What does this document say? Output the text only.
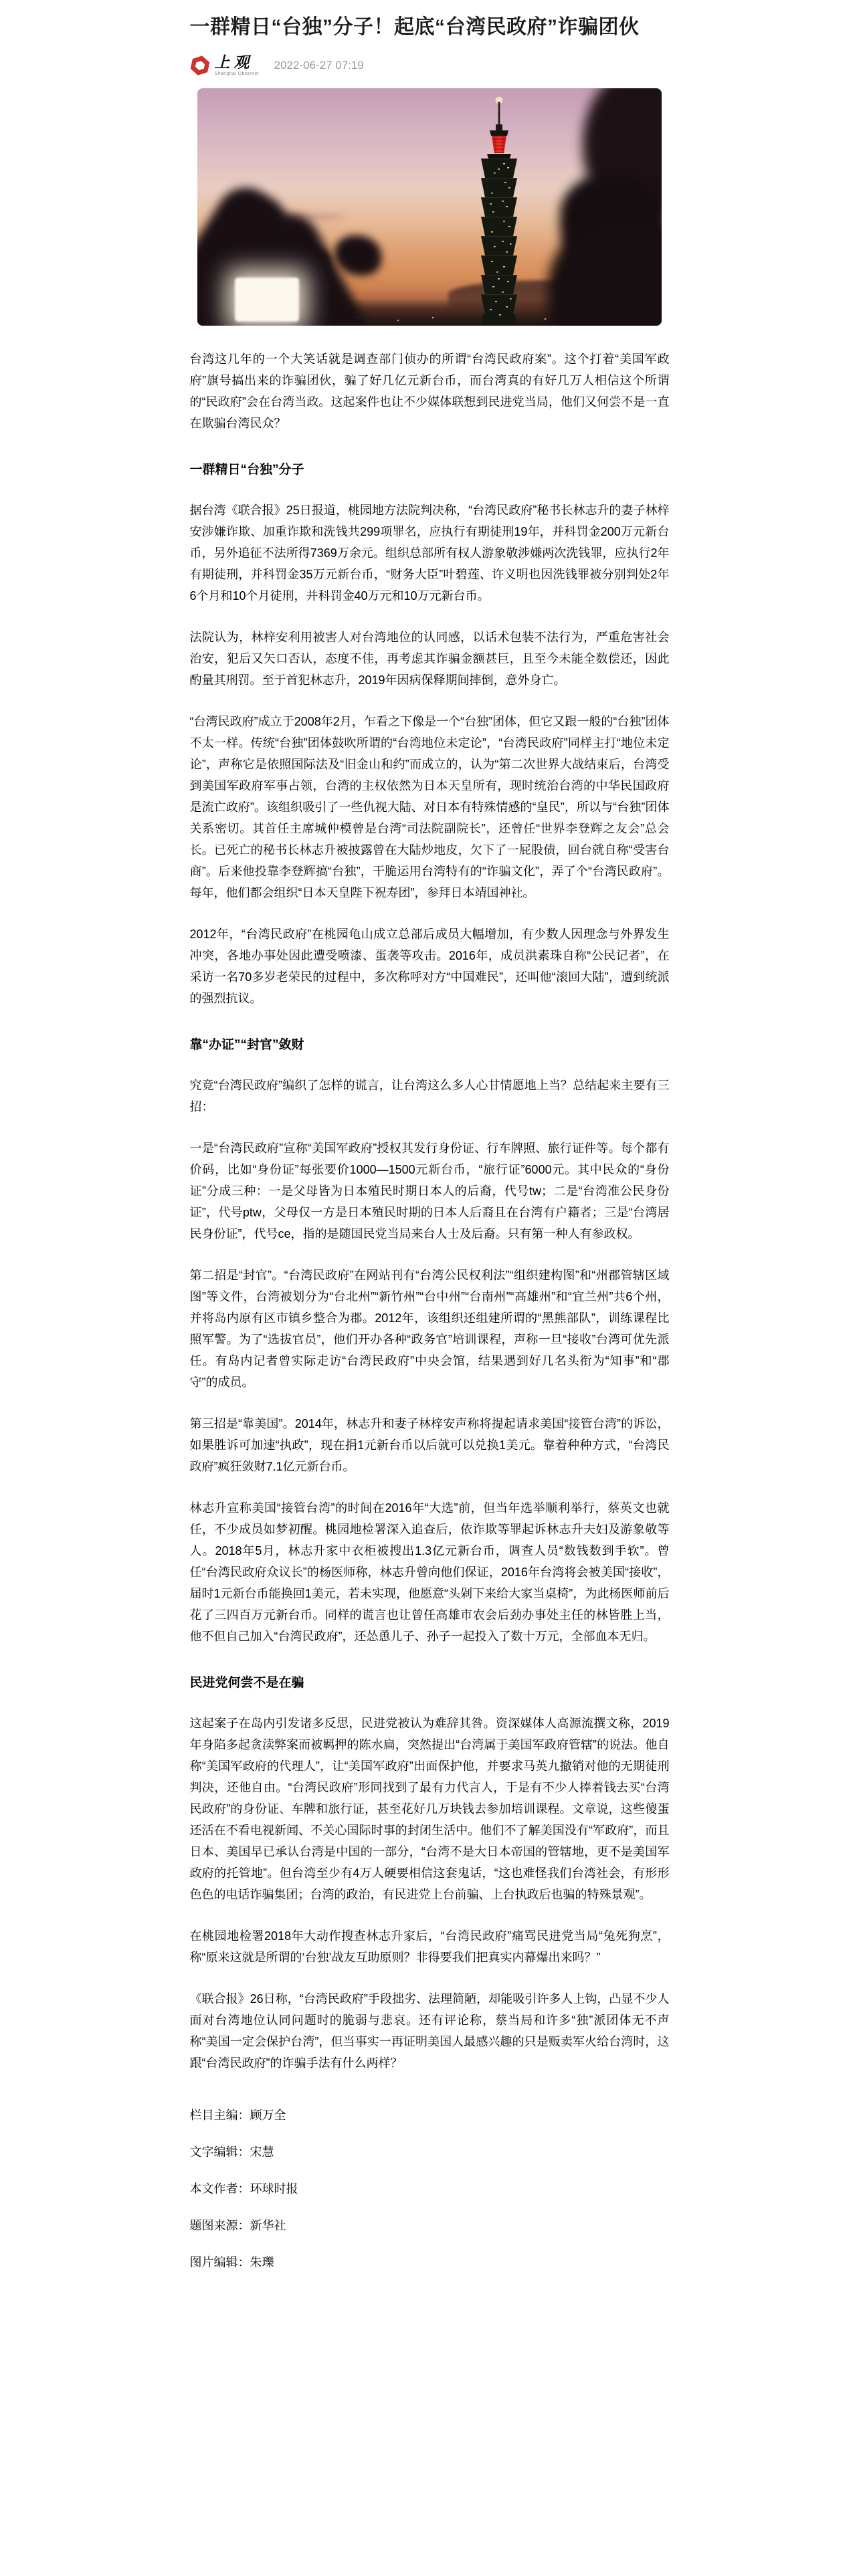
一群精日“台独”分子！起底“台湾民政府”诈骗团伙
上观
Shanghai Observer
2022-06-27 07:19

台湾这几年的一个大笑话就是调查部门侦办的所谓“台湾民政府案”。这个打着“美国军政府”旗号搞出来的诈骗团伙，骗了好几亿元新台币，而台湾真的有好几万人相信这个所谓的“民政府”会在台湾当政。这起案件也让不少媒体联想到民进党当局，他们又何尝不是一直在欺骗台湾民众？

一群精日“台独”分子

据台湾《联合报》25日报道，桃园地方法院判决称，“台湾民政府”秘书长林志升的妻子林梓安涉嫌诈欺、加重诈欺和洗钱共299项罪名，应执行有期徒刑19年，并科罚金200万元新台币，另外追征不法所得7369万余元。组织总部所有权人游象敬涉嫌两次洗钱罪，应执行2年有期徒刑，并科罚金35万元新台币，“财务大臣”叶碧莲、许义明也因洗钱罪被分别判处2年6个月和10个月徒刑，并科罚金40万元和10万元新台币。

法院认为，林梓安利用被害人对台湾地位的认同感，以话术包装不法行为，严重危害社会治安，犯后又矢口否认，态度不佳，再考虑其诈骗金额甚巨，且至今未能全数偿还，因此酌量其刑罚。至于首犯林志升，2019年因病保释期间摔倒，意外身亡。

“台湾民政府”成立于2008年2月，乍看之下像是一个“台独”团体，但它又跟一般的“台独”团体不太一样。传统“台独”团体鼓吹所谓的“台湾地位未定论”，“台湾民政府”同样主打“地位未定论”，声称它是依照国际法及“旧金山和约”而成立的，认为“第二次世界大战结束后，台湾受到美国军政府军事占领，台湾的主权依然为日本天皇所有，现时统治台湾的中华民国政府是流亡政府”。该组织吸引了一些仇视大陆、对日本有特殊情感的“皇民”，所以与“台独”团体关系密切。其首任主席城仲模曾是台湾“司法院副院长”，还曾任“世界李登辉之友会”总会长。已死亡的秘书长林志升被披露曾在大陆炒地皮，欠下了一屁股债，回台就自称“受害台商”。后来他投靠李登辉搞“台独”，干脆运用台湾特有的“诈骗文化”，弄了个“台湾民政府”。每年，他们都会组织“日本天皇陛下祝寿团”，参拜日本靖国神社。

2012年，“台湾民政府”在桃园龟山成立总部后成员大幅增加，有少数人因理念与外界发生冲突，各地办事处因此遭受喷漆、蛋袭等攻击。2016年，成员洪素珠自称“公民记者”，在采访一名70多岁老荣民的过程中，多次称呼对方“中国难民”，还叫他“滚回大陆”，遭到统派的强烈抗议。

靠“办证”“封官”敛财

究竟“台湾民政府”编织了怎样的谎言，让台湾这么多人心甘情愿地上当？总结起来主要有三招：

一是“台湾民政府”宣称“美国军政府”授权其发行身份证、行车牌照、旅行证件等。每个都有价码，比如“身份证”每张要价1000—1500元新台币，“旅行证”6000元。其中民众的“身份证”分成三种：一是父母皆为日本殖民时期日本人的后裔，代号tw；二是“台湾准公民身份证”，代号ptw，父母仅一方是日本殖民时期的日本人后裔且在台湾有户籍者；三是“台湾居民身份证”，代号ce，指的是随国民党当局来台人士及后裔。只有第一种人有参政权。

第二招是“封官”。“台湾民政府”在网站刊有“台湾公民权利法”“组织建构图”和“州郡管辖区域图”等文件，台湾被划分为“台北州”“新竹州”“台中州”“台南州”“高雄州”和“宜兰州”共6个州，并将岛内原有区市镇乡整合为郡。2012年，该组织还组建所谓的“黑熊部队”，训练课程比照军警。为了“选拔官员”，他们开办各种“政务官”培训课程，声称一旦“接收”台湾可优先派任。有岛内记者曾实际走访“台湾民政府”中央会馆，结果遇到好几名头衔为“知事”和“郡守”的成员。

第三招是“靠美国”。2014年，林志升和妻子林梓安声称将提起请求美国“接管台湾”的诉讼，如果胜诉可加速“执政”，现在捐1元新台币以后就可以兑换1美元。靠着种种方式，“台湾民政府”疯狂敛财7.1亿元新台币。

林志升宣称美国“接管台湾”的时间在2016年“大选”前，但当年选举顺利举行，蔡英文也就任，不少成员如梦初醒。桃园地检署深入追查后，依诈欺等罪起诉林志升夫妇及游象敬等人。2018年5月，林志升家中衣柜被搜出1.3亿元新台币，调查人员“数钱数到手软”。曾任“台湾民政府众议长”的杨医师称，林志升曾向他们保证，2016年台湾将会被美国“接收”，届时1元新台币能换回1美元，若未实现，他愿意“头剁下来给大家当桌椅”，为此杨医师前后花了三四百万元新台币。同样的谎言也让曾任高雄市农会后劲办事处主任的林皆胜上当，他不但自己加入“台湾民政府”，还怂恿儿子、孙子一起投入了数十万元，全部血本无归。

民进党何尝不是在骗

这起案子在岛内引发诸多反思，民进党被认为难辞其咎。资深媒体人高源流撰文称，2019年身陷多起贪渎弊案而被羁押的陈水扁，突然提出“台湾属于美国军政府管辖”的说法。他自称“美国军政府的代理人”，让“美国军政府”出面保护他，并要求马英九撤销对他的无期徒刑判决，还他自由。“台湾民政府”形同找到了最有力代言人，于是有不少人捧着钱去买“台湾民政府”的身份证、车牌和旅行证，甚至花好几万块钱去参加培训课程。文章说，这些傻蛋还活在不看电视新闻、不关心国际时事的封闭生活中。他们不了解美国没有“军政府”，而且日本、美国早已承认台湾是中国的一部分，“台湾不是大日本帝国的管辖地，更不是美国军政府的托管地”。但台湾至少有4万人硬要相信这套鬼话，“这也难怪我们台湾社会，有形形色色的电话诈骗集团；台湾的政治，有民进党上台前骗、上台执政后也骗的特殊景观”。

在桃园地检署2018年大动作搜查林志升家后，“台湾民政府”痛骂民进党当局“兔死狗烹”，称“原来这就是所谓的‘台独’战友互助原则？非得要我们把真实内幕爆出来吗？”

《联合报》26日称，“台湾民政府”手段拙劣、法理简陋，却能吸引许多人上钩，凸显不少人面对台湾地位认同问题时的脆弱与悲哀。还有评论称，蔡当局和许多“独”派团体无不声称“美国一定会保护台湾”，但当事实一再证明美国人最感兴趣的只是贩卖军火给台湾时，这跟“台湾民政府”的诈骗手法有什么两样？

栏目主编：顾万全

文字编辑：宋慧

本文作者：环球时报

题图来源：新华社

图片编辑：朱瓅
